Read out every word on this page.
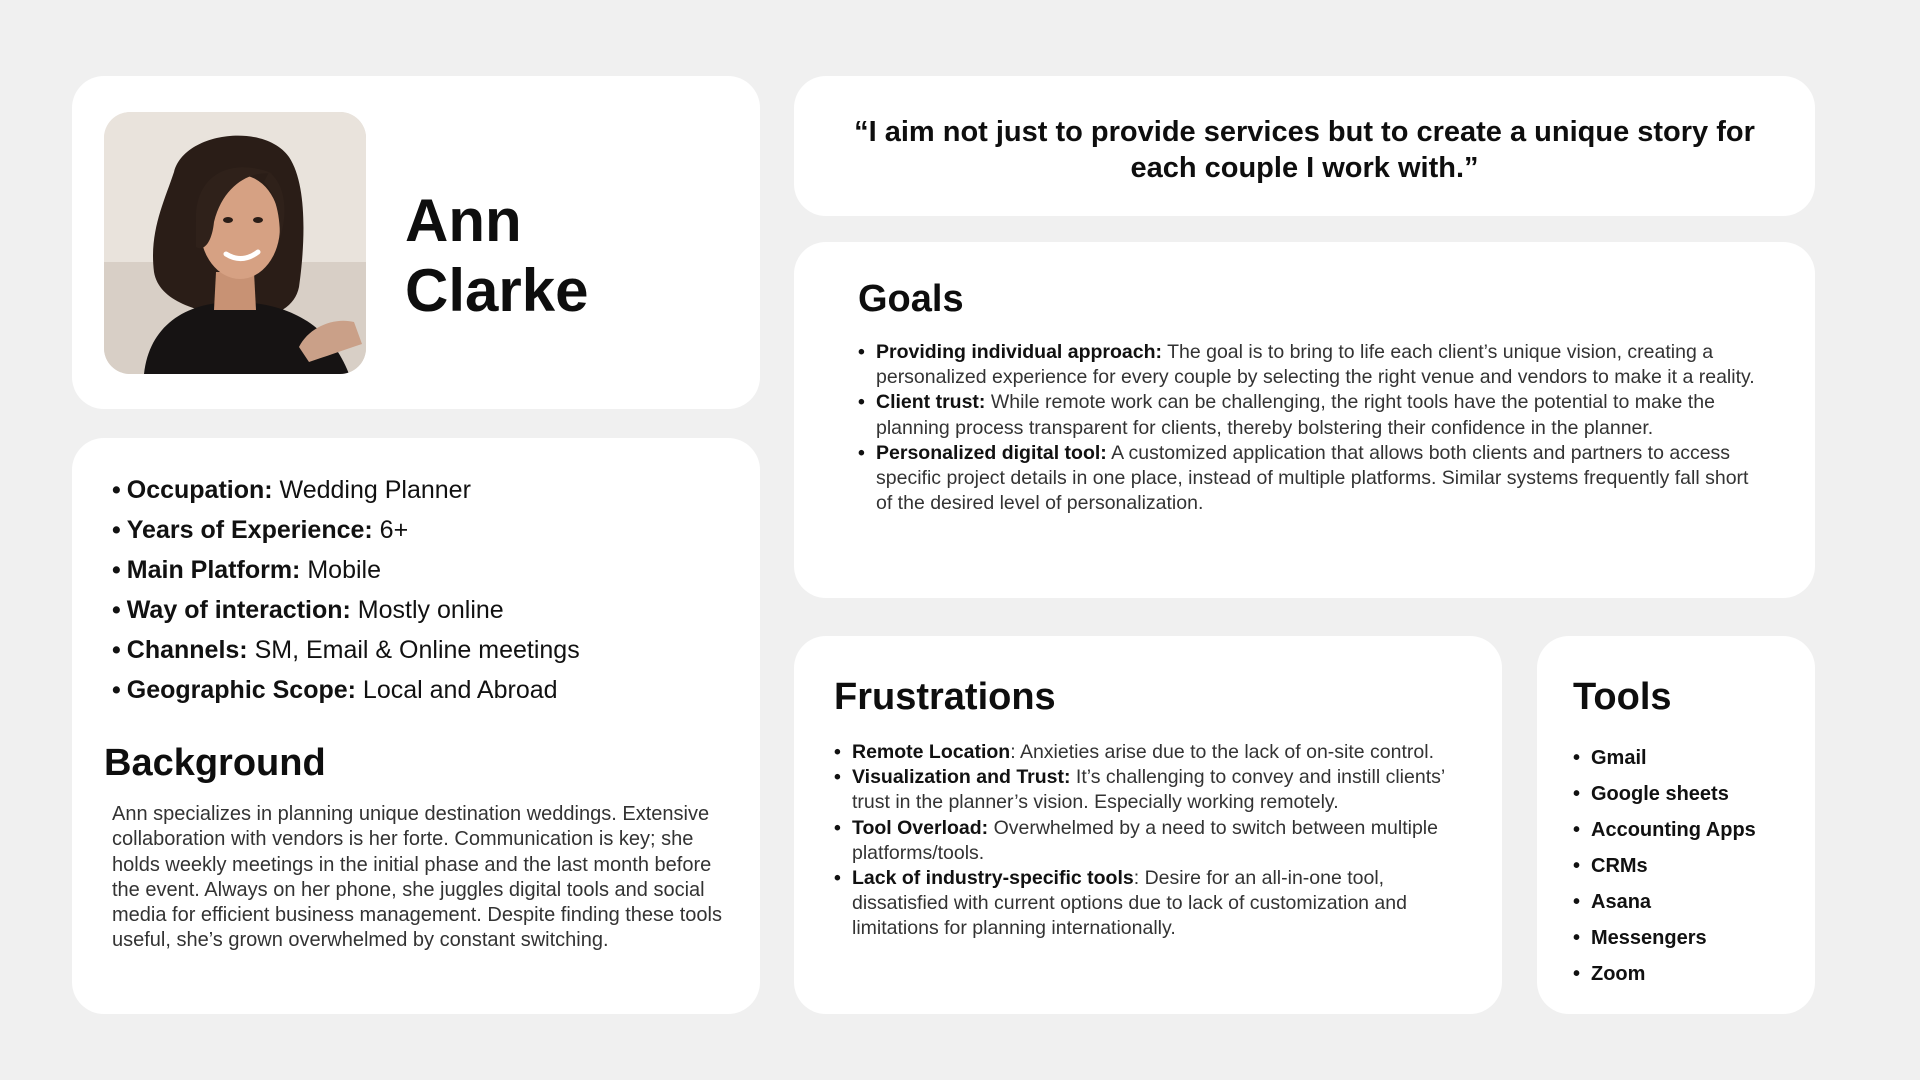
Ann
Clarke
• Occupation: Wedding Planner
• Years of Experience: 6+
• Main Platform: Mobile
• Way of interaction: Mostly online
• Channels: SM, Email & Online meetings
• Geographic Scope: Local and Abroad
Background

Ann specializes in planning unique destination weddings. Extensive collaboration with vendors is her forte. Communication is key; she holds weekly meetings in the initial phase and the last month before the event. Always on her phone, she juggles digital tools and social media for efficient business management. Despite finding these tools useful, she’s grown overwhelmed by constant switching.

“I aim not just to provide services but to create a unique story for each couple I work with.”

Goals
• Providing individual approach: The goal is to bring to life each client’s unique vision, creating a personalized experience for every couple by selecting the right venue and vendors to make it a reality.
• Client trust: While remote work can be challenging, the right tools have the potential to make the planning process transparent for clients, thereby bolstering their confidence in the planner.
• Personalized digital tool: A customized application that allows both clients and partners to access specific project details in one place, instead of multiple platforms. Similar systems frequently fall short of the desired level of personalization.
Frustrations
• Remote Location: Anxieties arise due to the lack of on-site control.
• Visualization and Trust: It’s challenging to convey and instill clients’ trust in the planner’s vision. Especially working remotely.
• Tool Overload: Overwhelmed by a need to switch between multiple platforms/tools.
• Lack of industry-specific tools: Desire for an all-in-one tool, dissatisfied with current options due to lack of customization and limitations for planning internationally.
Tools
• Gmail
• Google sheets
• Accounting Apps
• CRMs
• Asana
• Messengers
• Zoom
